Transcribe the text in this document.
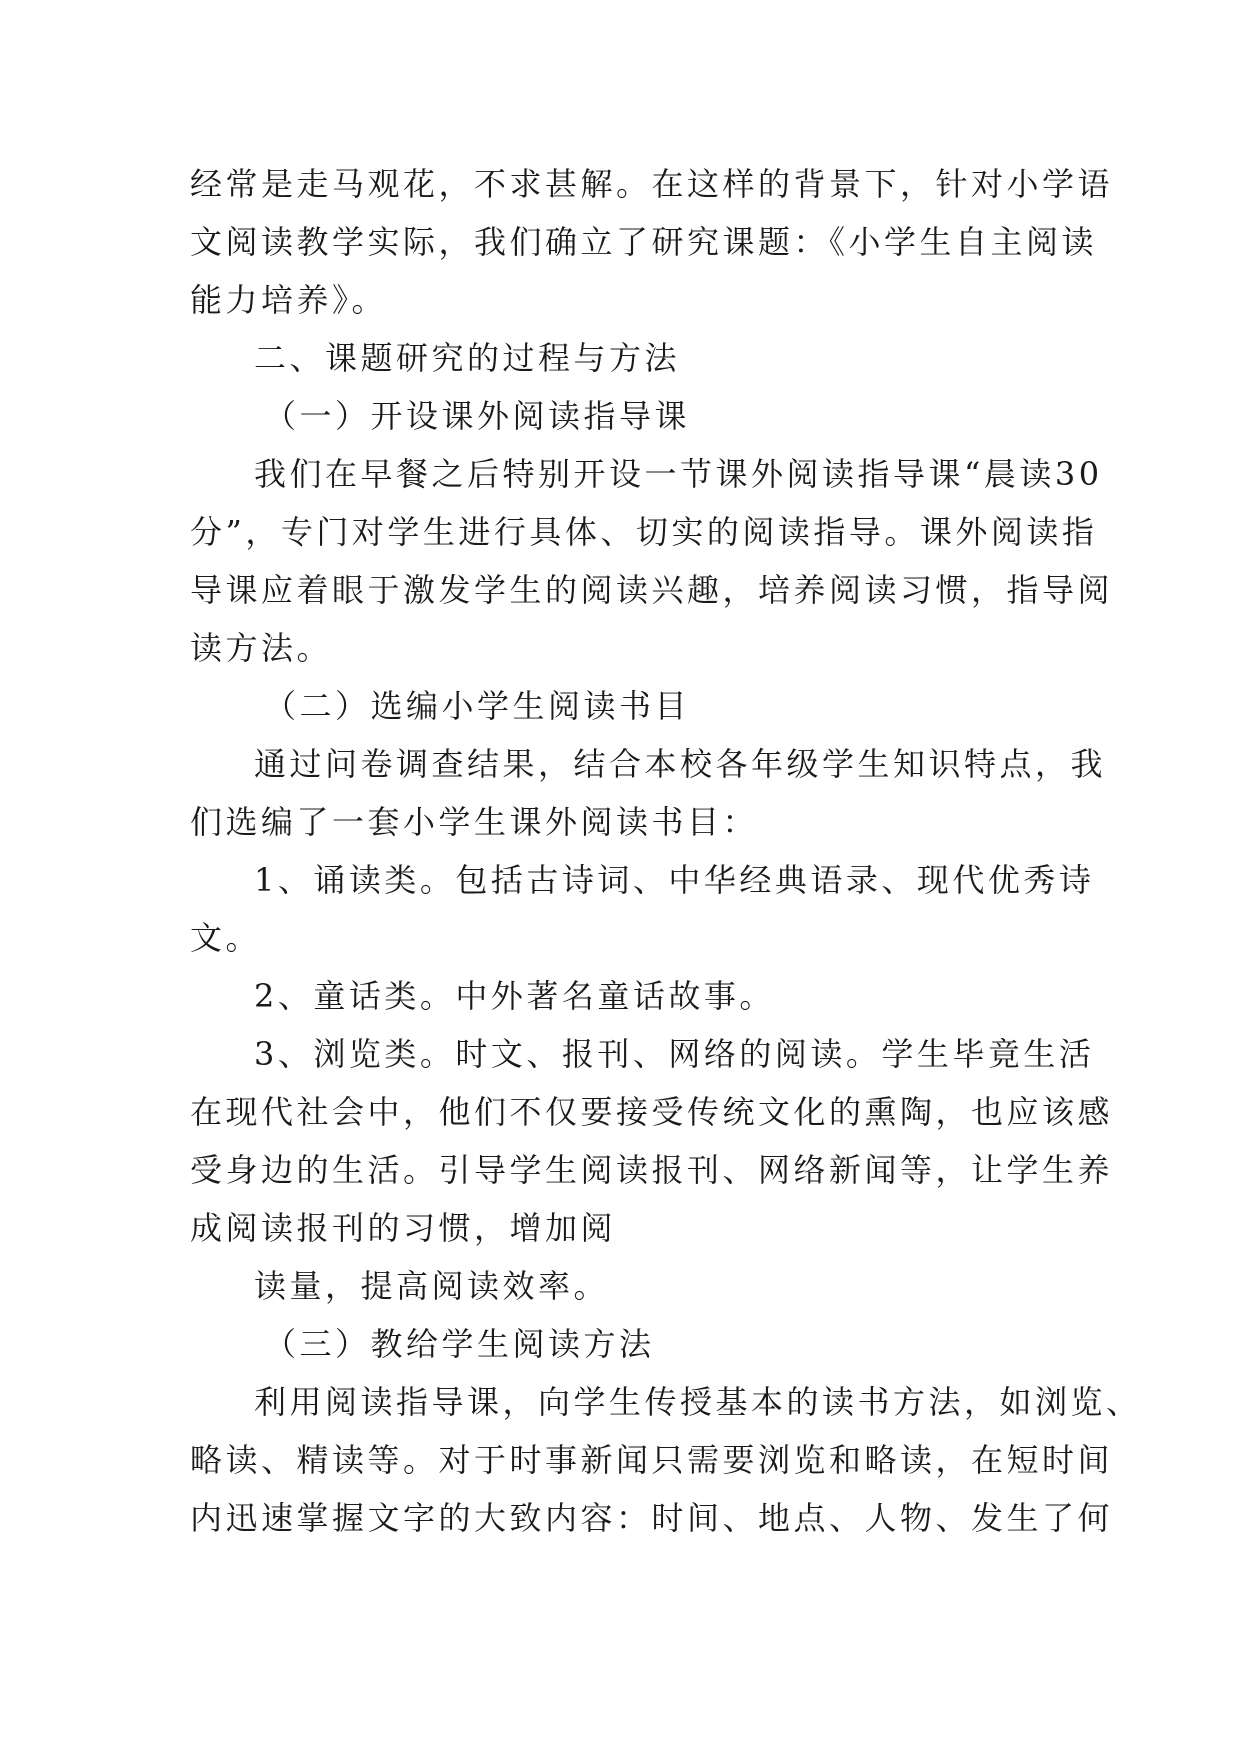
经常是走马观花，不求甚解。在这样的背景下，针对小学语
文阅读教学实际，我们确立了研究课题：《小学生自主阅读
能力培养》。
二、课题研究的过程与方法
（一）开设课外阅读指导课
我们在早餐之后特别开设一节课外阅读指导课“晨读30
分”，专门对学生进行具体、切实的阅读指导。课外阅读指
导课应着眼于激发学生的阅读兴趣，培养阅读习惯，指导阅
读方法。
（二）选编小学生阅读书目
通过问卷调查结果，结合本校各年级学生知识特点，我
们选编了一套小学生课外阅读书目：
1、诵读类。包括古诗词、中华经典语录、现代优秀诗
文。
2、童话类。中外著名童话故事。
3、浏览类。时文、报刊、网络的阅读。学生毕竟生活
在现代社会中，他们不仅要接受传统文化的熏陶，也应该感
受身边的生活。引导学生阅读报刊、网络新闻等，让学生养
成阅读报刊的习惯，增加阅
读量，提高阅读效率。
（三）教给学生阅读方法
利用阅读指导课，向学生传授基本的读书方法，如浏览、
略读、精读等。对于时事新闻只需要浏览和略读，在短时间
内迅速掌握文字的大致内容：时间、地点、人物、发生了何
